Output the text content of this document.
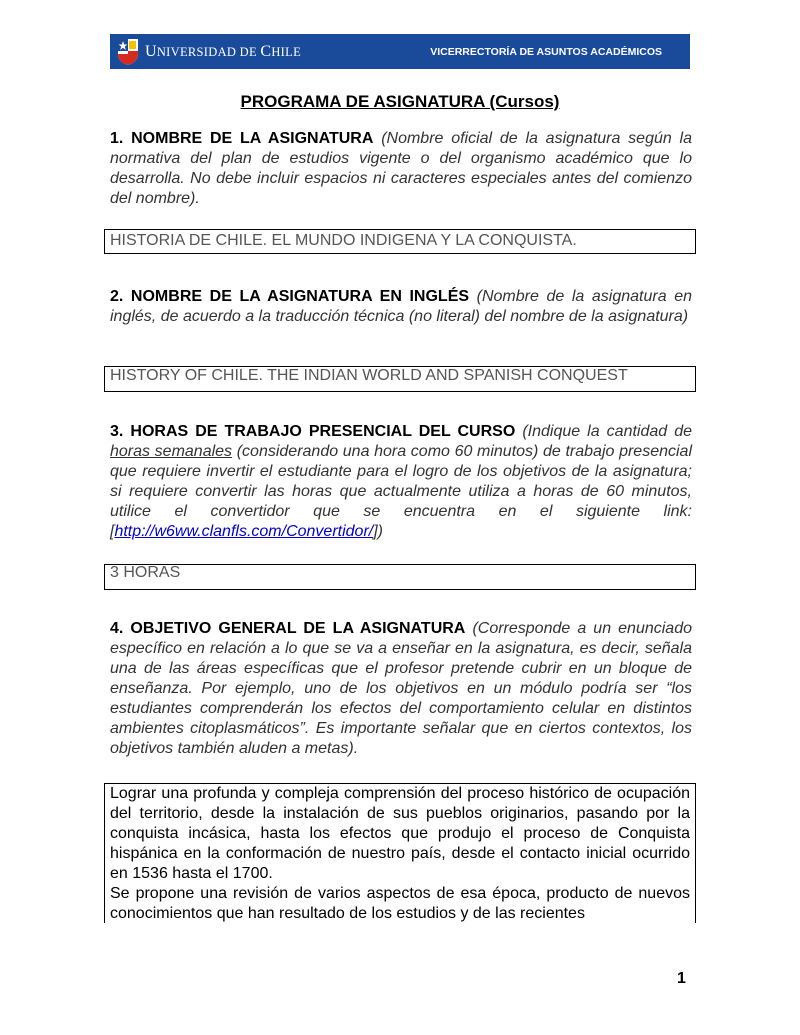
UNIVERSIDAD DE CHILE	VICERRECTORÍA DE ASUNTOS ACADÉMICOS
PROGRAMA DE ASIGNATURA (Cursos)
1. NOMBRE DE LA ASIGNATURA (Nombre oficial de la asignatura según la normativa del plan de estudios vigente o del organismo académico que lo desarrolla. No debe incluir espacios ni caracteres especiales antes del comienzo del nombre).
HISTORIA DE CHILE. EL MUNDO INDIGENA Y LA CONQUISTA.
2. NOMBRE DE LA ASIGNATURA EN INGLÉS (Nombre de la asignatura en inglés, de acuerdo a la traducción técnica (no literal) del nombre de la asignatura)
HISTORY OF CHILE. THE INDIAN WORLD AND SPANISH CONQUEST
3. HORAS DE TRABAJO PRESENCIAL DEL CURSO (Indique la cantidad de horas semanales (considerando una hora como 60 minutos) de trabajo presencial que requiere invertir el estudiante para el logro de los objetivos de la asignatura; si requiere convertir las horas que actualmente utiliza a horas de 60 minutos, utilice el convertidor que se encuentra en el siguiente link: [http://w6ww.clanfls.com/Convertidor/])
3 HORAS
4. OBJETIVO GENERAL DE LA ASIGNATURA (Corresponde a un enunciado específico en relación a lo que se va a enseñar en la asignatura, es decir, señala una de las áreas específicas que el profesor pretende cubrir en un bloque de enseñanza. Por ejemplo, uno de los objetivos en un módulo podría ser “los estudiantes comprenderán los efectos del comportamiento celular en distintos ambientes citoplasmáticos”. Es importante señalar que en ciertos contextos, los objetivos también aluden a metas).

Lograr una profunda y compleja comprensión del proceso histórico de ocupación del territorio, desde la instalación de sus pueblos originarios, pasando por la conquista incásica, hasta los efectos que produjo el proceso de Conquista hispánica en la conformación de nuestro país, desde el contacto inicial ocurrido en 1536 hasta el 1700.

Se propone una revisión de varios aspectos de esa época, producto de nuevos conocimientos que han resultado de los estudios y de las recientes

1
